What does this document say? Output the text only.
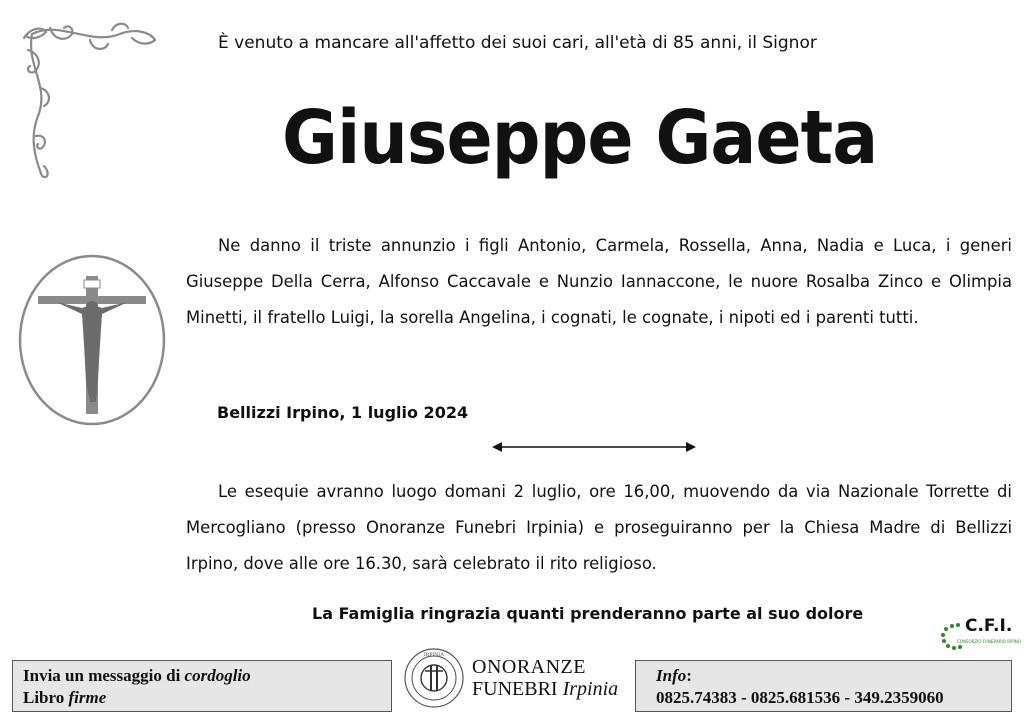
È venuto a mancare all'affetto dei suoi cari, all'età di 85 anni, il Signor
Giuseppe Gaeta

Ne danno il triste annunzio i figli Antonio, Carmela, Rossella, Anna, Nadia e Luca, i generi Giuseppe Della Cerra, Alfonso Caccavale e Nunzio Iannaccone, le nuore Rosalba Zinco e Olimpia Minetti, il fratello Luigi, la sorella Angelina, i cognati, le cognate, i nipoti ed i parenti tutti.

Bellizzi Irpino, 1 luglio 2024

Le esequie avranno luogo domani 2 luglio, ore 16,00, muovendo da via Nazionale Torrette di Mercogliano (presso Onoranze Funebri Irpinia) e proseguiranno per la Chiesa Madre di Bellizzi Irpino, dove alle ore 16.30, sarà celebrato il rito religioso.

La Famiglia ringrazia quanti prenderanno parte al suo dolore
C.F.I.
CONSORZIO FUNERARIO IRPINO
Invia un messaggio di cordoglio
Libro firme
IRPINIA
ONORANZE
FUNEBRI Irpinia
Info:
0825.74383 - 0825.681536 - 349.2359060
